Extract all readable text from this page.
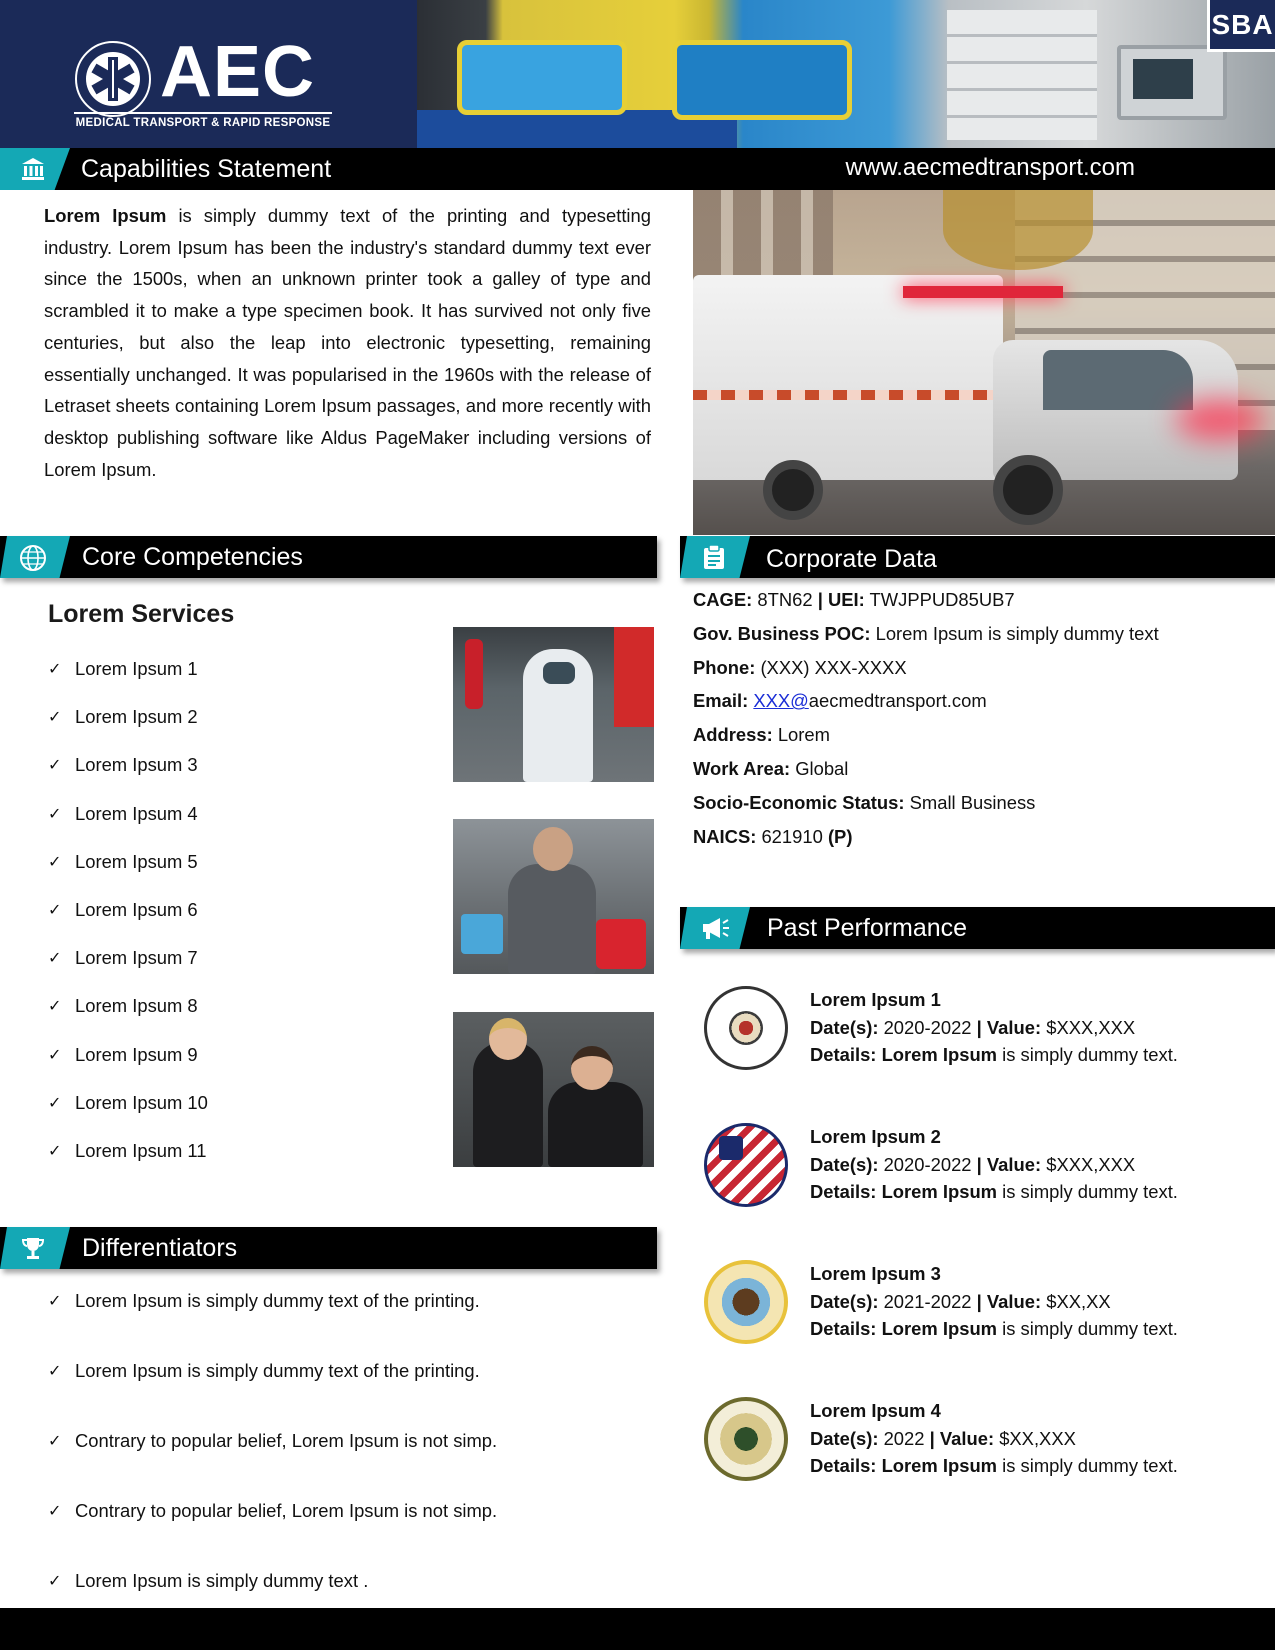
AEC
MEDICAL TRANSPORT & RAPID RESPONSE
SBA
Capabilities Statement	www.aecmedtransport.com

Lorem Ipsum is simply dummy text of the printing and typesetting industry. Lorem Ipsum has been the industry's standard dummy text ever since the 1500s, when an unknown printer took a galley of type and scrambled it to make a type specimen book. It has survived not only five centuries, but also the leap into electronic typesetting, remaining essentially unchanged. It was popularised in the 1960s with the release of Letraset sheets containing Lorem Ipsum passages, and more recently with desktop publishing software like Aldus PageMaker including versions of Lorem Ipsum.

Core Competencies
Lorem Services
✓ Lorem Ipsum 1
✓ Lorem Ipsum 2
✓ Lorem Ipsum 3
✓ Lorem Ipsum 4
✓ Lorem Ipsum 5
✓ Lorem Ipsum 6
✓ Lorem Ipsum 7
✓ Lorem Ipsum 8
✓ Lorem Ipsum 9
✓ Lorem Ipsum 10
✓ Lorem Ipsum 11
Differentiators
✓ Lorem Ipsum is simply dummy text of the printing.
✓ Lorem Ipsum is simply dummy text of the printing.
✓ Contrary to popular belief, Lorem Ipsum is not simp.
✓ Contrary to popular belief, Lorem Ipsum is not simp.
✓ Lorem Ipsum is simply dummy text .
Corporate Data
CAGE: 8TN62 | UEI: TWJPPUD85UB7
Gov. Business POC: Lorem Ipsum is simply dummy text
Phone: (XXX) XXX-XXXX
Email: XXX@aecmedtransport.com
Address: Lorem
Work Area: Global
Socio-Economic Status: Small Business
NAICS: 621910 (P)
Past Performance
Lorem Ipsum 1
Date(s): 2020-2022 | Value: $XXX,XXX
Details: Lorem Ipsum is simply dummy text.
Lorem Ipsum 2
Date(s): 2020-2022 | Value: $XXX,XXX
Details: Lorem Ipsum is simply dummy text.
Lorem Ipsum 3
Date(s): 2021-2022 | Value: $XX,XX
Details: Lorem Ipsum is simply dummy text.
Lorem Ipsum 4
Date(s): 2022 | Value: $XX,XXX
Details: Lorem Ipsum is simply dummy text.
